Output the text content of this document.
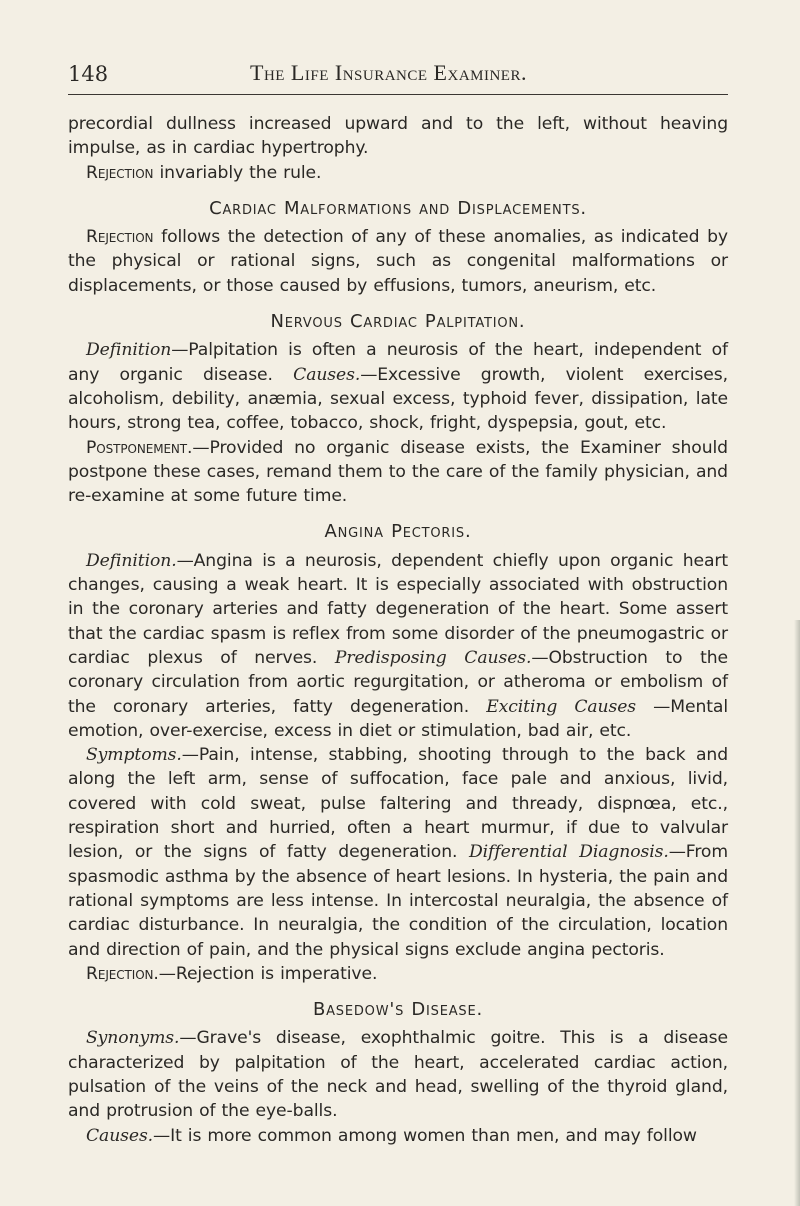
148	The Life Insurance Examiner.

precordial dullness increased upward and to the left, without heaving impulse, as in cardiac hypertrophy.

Rejection invariably the rule.

Cardiac Malformations and Displacements.

Rejection follows the detection of any of these anomalies, as indicated by the physical or rational signs, such as congenital malformations or displacements, or those caused by effusions, tumors, aneurism, etc.

Nervous Cardiac Palpitation.

Definition—Palpitation is often a neurosis of the heart, independent of any organic disease. Causes.—Excessive growth, violent exercises, alcoholism, debility, anæmia, sexual excess, typhoid fever, dissipation, late hours, strong tea, coffee, tobacco, shock, fright, dyspepsia, gout, etc.

Postponement.—Provided no organic disease exists, the Examiner should postpone these cases, remand them to the care of the family physician, and re-examine at some future time.

Angina Pectoris.

Definition.—Angina is a neurosis, dependent chiefly upon organic heart changes, causing a weak heart. It is especially associated with obstruction in the coronary arteries and fatty degeneration of the heart. Some assert that the cardiac spasm is reflex from some disorder of the pneumogastric or cardiac plexus of nerves. Predisposing Causes.—Obstruction to the coronary circulation from aortic regurgitation, or atheroma or embolism of the coronary arteries, fatty degeneration. Exciting Causes —Mental emotion, over-exercise, excess in diet or stimulation, bad air, etc.

Symptoms.—Pain, intense, stabbing, shooting through to the back and along the left arm, sense of suffocation, face pale and anxious, livid, covered with cold sweat, pulse faltering and thready, dispnœa, etc., respiration short and hurried, often a heart murmur, if due to valvular lesion, or the signs of fatty degeneration. Differential Diagnosis.—From spasmodic asthma by the absence of heart lesions. In hysteria, the pain and rational symptoms are less intense. In intercostal neuralgia, the absence of cardiac disturbance. In neuralgia, the condition of the circulation, location and direction of pain, and the physical signs exclude angina pectoris.

Rejection.—Rejection is imperative.

Basedow's Disease.

Synonyms.—Grave's disease, exophthalmic goitre. This is a disease characterized by palpitation of the heart, accelerated cardiac action, pulsation of the veins of the neck and head, swelling of the thyroid gland, and protrusion of the eye-balls.

Causes.—It is more common among women than men, and may follow
